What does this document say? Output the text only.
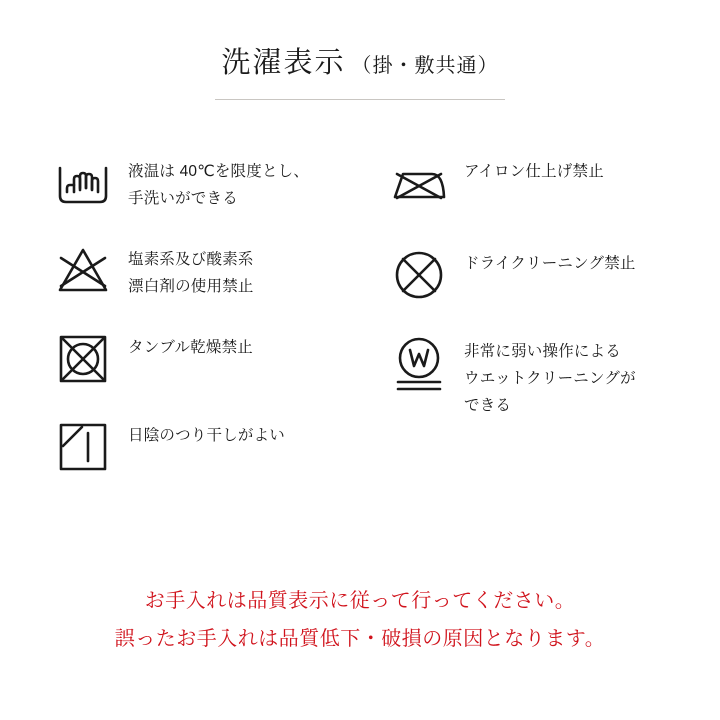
洗濯表示 （掛・敷共通）
液温は 40℃を限度とし、
手洗いができる
塩素系及び酸素系
漂白剤の使用禁止
タンブル乾燥禁止
日陰のつり干しがよい
アイロン仕上げ禁止
ドライクリーニング禁止
非常に弱い操作による
ウエットクリーニングが
できる
お手入れは品質表示に従って行ってください。
誤ったお手入れは品質低下・破損の原因となります。
